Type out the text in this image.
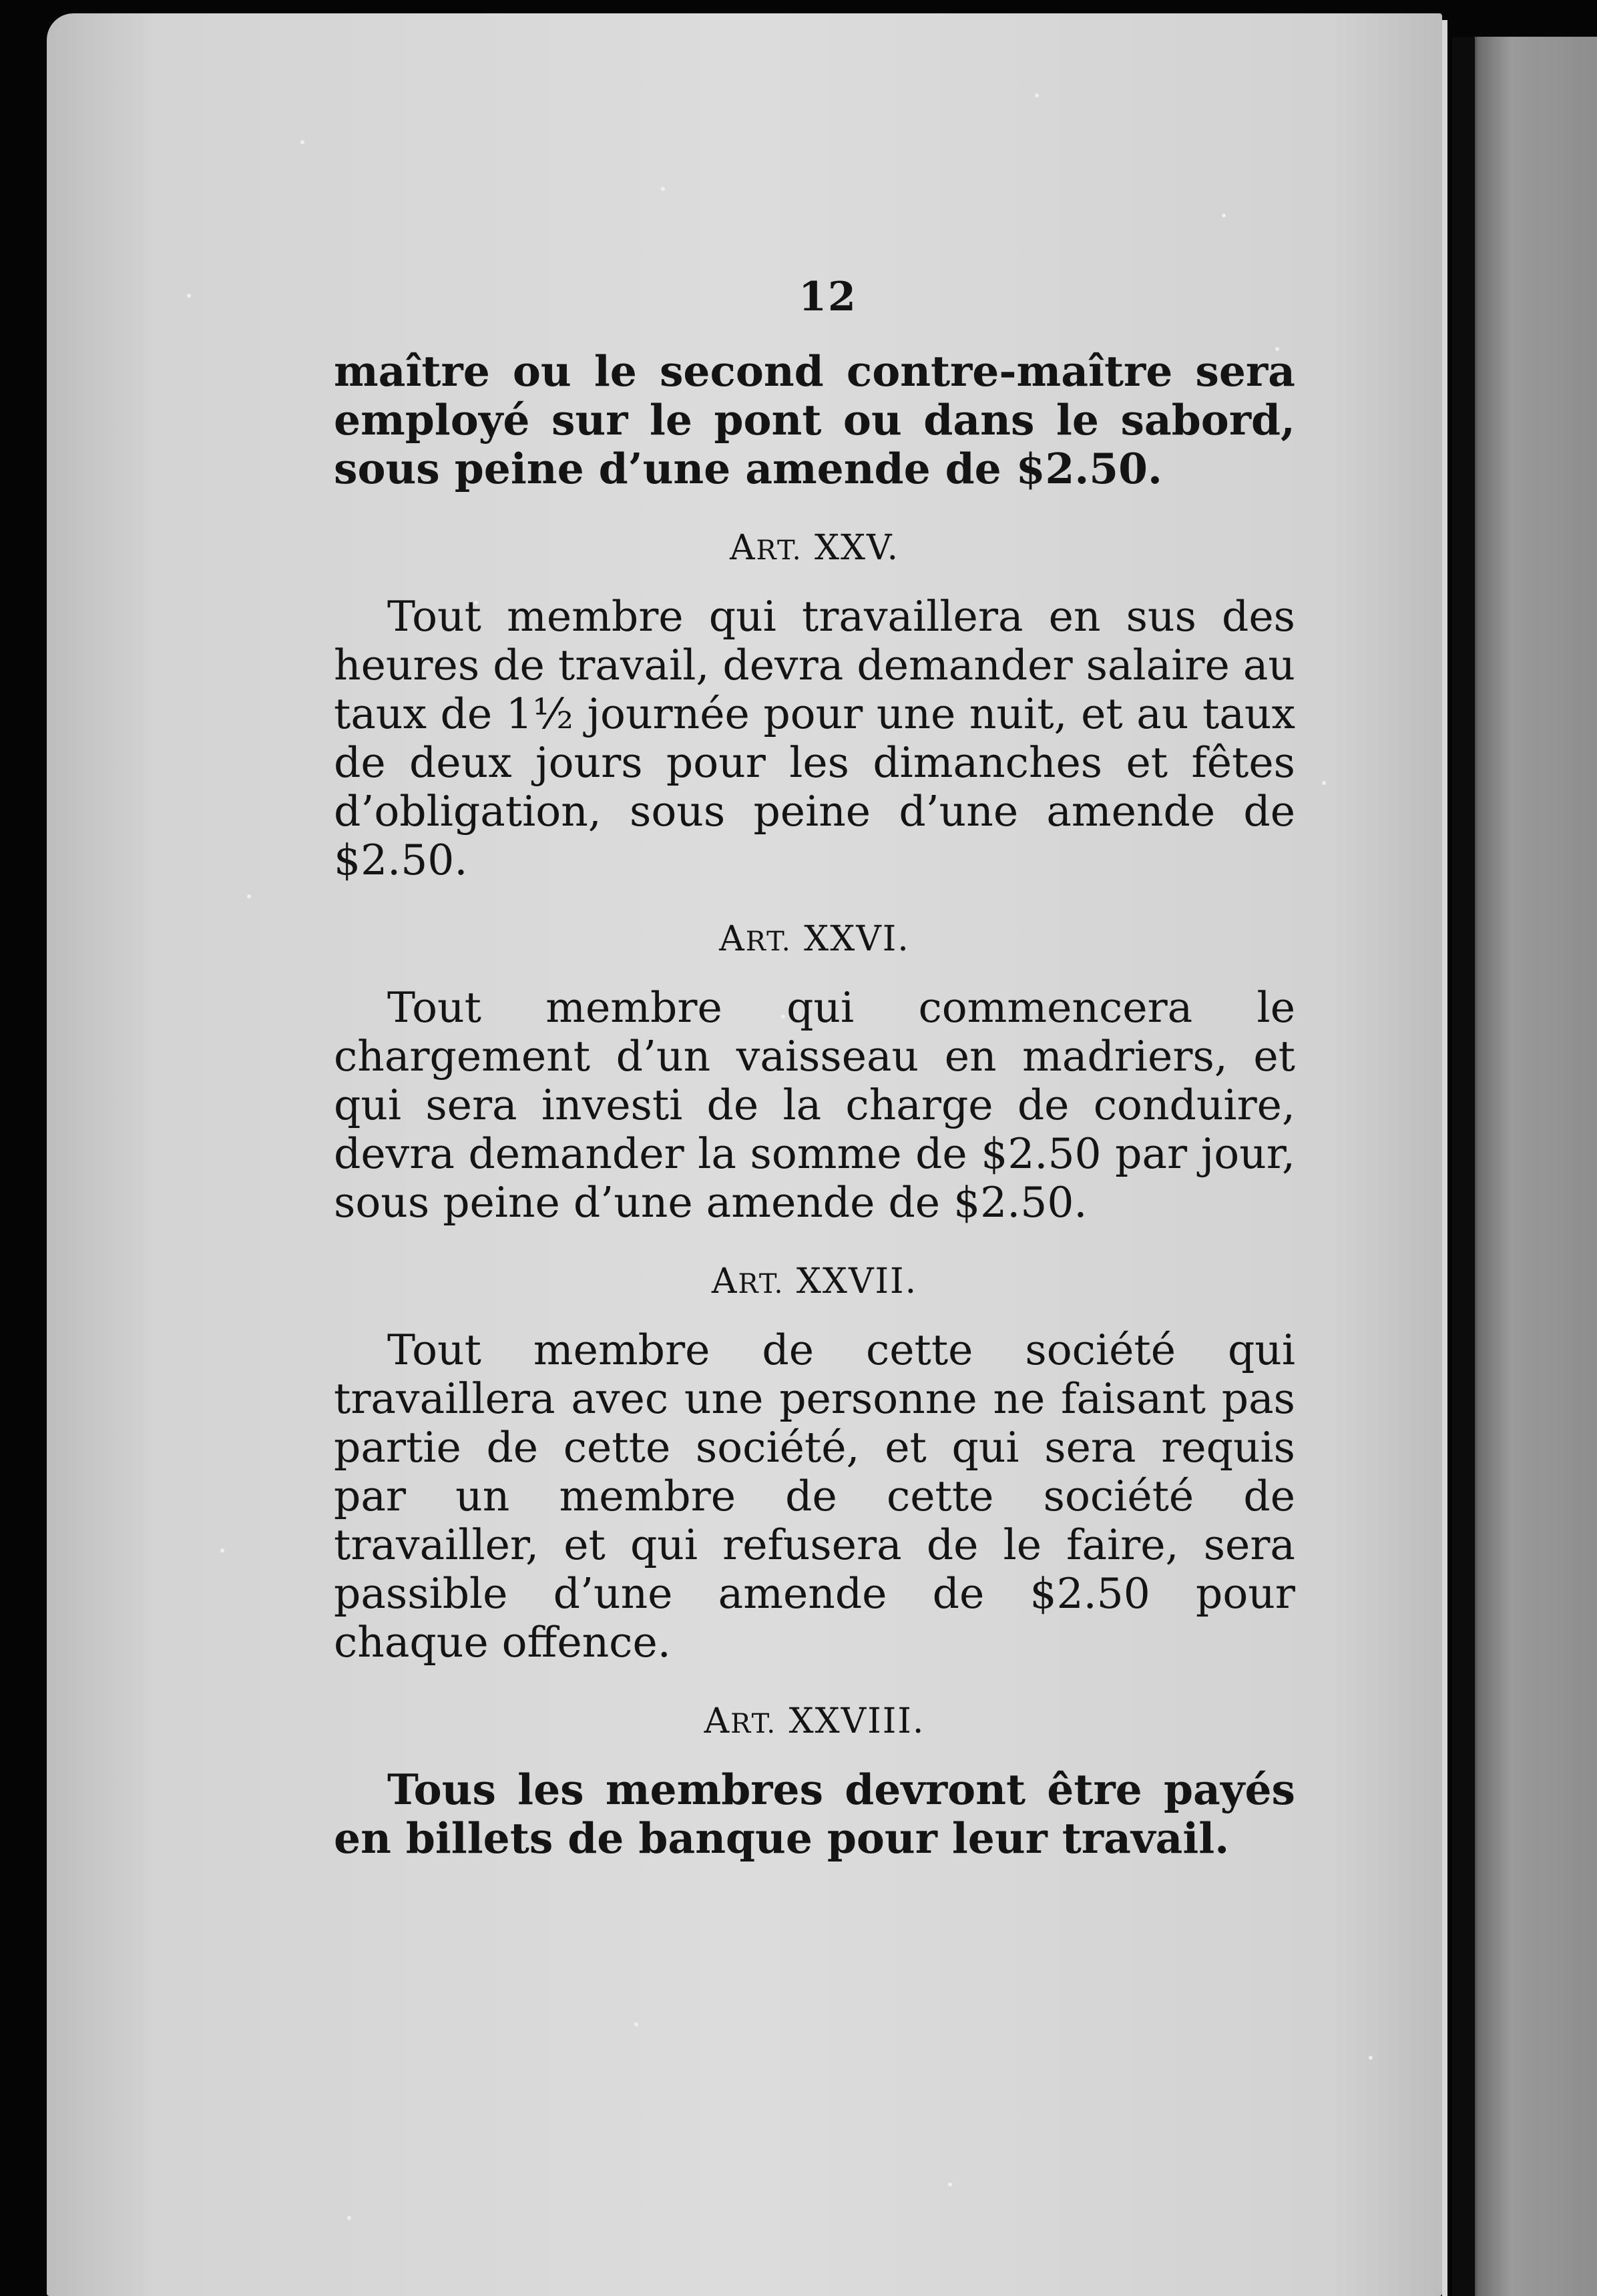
12

maître ou le second contre-maître sera employé sur le pont ou dans le sabord, sous peine d’une amende de $2.50.

ART. XXV.

Tout membre qui travaillera en sus des heures de travail, devra demander salaire au taux de 1½ journée pour une nuit, et au taux de deux jours pour les dimanches et fêtes d’obligation, sous peine d’une amende de $2.50.

ART. XXVI.

Tout membre qui commencera le chargement d’un vaisseau en madriers, et qui sera investi de la charge de conduire, devra demander la somme de $2.50 par jour, sous peine d’une amende de $2.50.

ART. XXVII.

Tout membre de cette société qui travaillera avec une personne ne faisant pas partie de cette société, et qui sera requis par un membre de cette société de travailler, et qui refusera de le faire, sera passible d’une amende de $2.50 pour chaque offence.

ART. XXVIII.

Tous les membres devront être payés en billets de banque pour leur travail.
